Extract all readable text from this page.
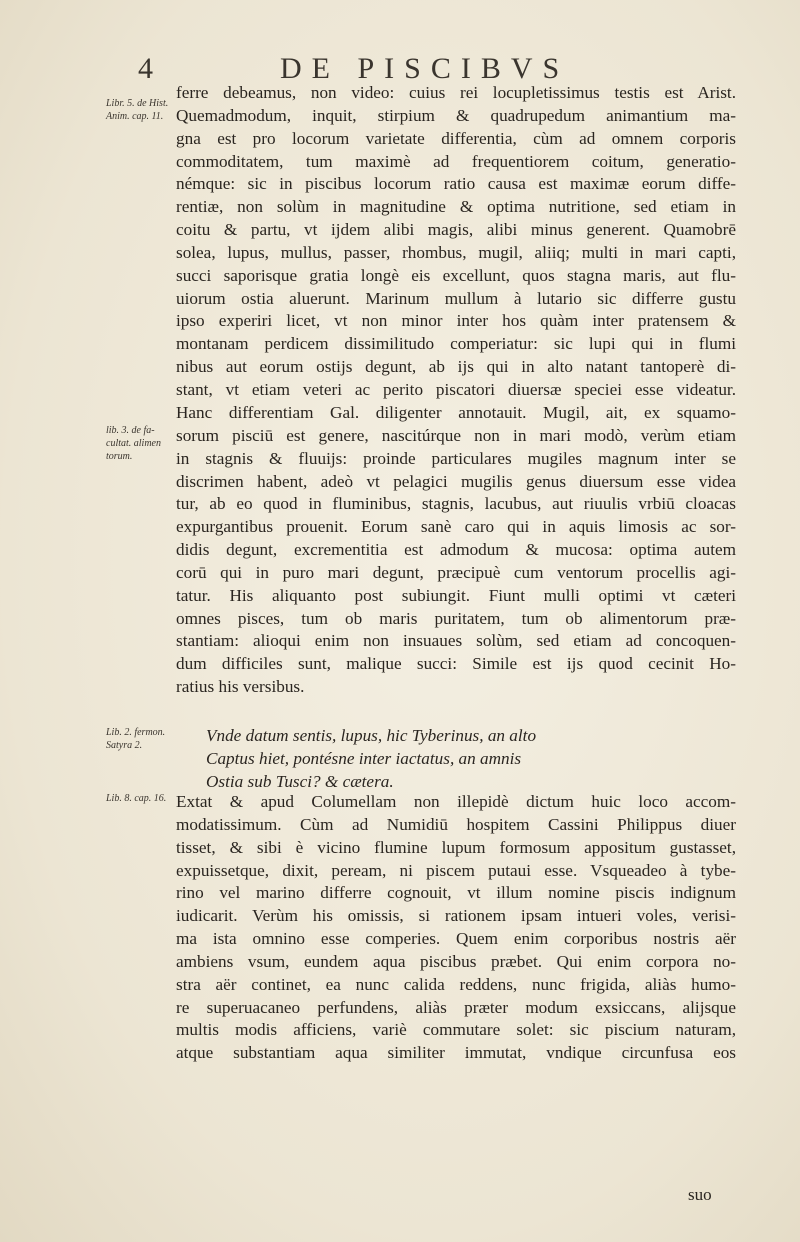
4	DE PISCIBVS
Libr. 5. de Hist. Anim. cap. 11.
lib. 3. de fa- cultat. alimen torum.
Lib. 2. fermon. Satyra 2.
Lib. 8. cap. 16.
ferre debeamus, non video: cuius rei locupletissimus testis est Arist.
Quemadmodum, inquit, stirpium & quadrupedum animantium ma-
gna est pro locorum varietate differentia, cùm ad omnem corporis
commoditatem, tum maximè ad frequentiorem coitum, generatio-
némque: sic in piscibus locorum ratio causa est maximæ eorum diffe-
rentiæ, non solùm in magnitudine & optima nutritione, sed etiam in
coitu & partu, vt ijdem alibi magis, alibi minus generent. Quamobrē
solea, lupus, mullus, passer, rhombus, mugil, aliiq; multi in mari capti,
succi saporisque gratia longè eis excellunt, quos stagna maris, aut flu-
uiorum ostia aluerunt. Marinum mullum à lutario sic differre gustu
ipso experiri licet, vt non minor inter hos quàm inter pratensem &
montanam perdicem dissimilitudo comperiatur: sic lupi qui in flumi
nibus aut eorum ostijs degunt, ab ijs qui in alto natant tantoperè di-
stant, vt etiam veteri ac perito piscatori diuersæ speciei esse videatur.
Hanc differentiam Gal. diligenter annotauit. Mugil, ait, ex squamo-
sorum pisciū est genere, nascitúrque non in mari modò, verùm etiam
in stagnis & fluuijs: proinde particulares mugiles magnum inter se
discrimen habent, adeò vt pelagici mugilis genus diuersum esse videa
tur, ab eo quod in fluminibus, stagnis, lacubus, aut riuulis vrbiū cloacas
expurgantibus prouenit. Eorum sanè caro qui in aquis limosis ac sor-
didis degunt, excrementitia est admodum & mucosa: optima autem
corū qui in puro mari degunt, præcipuè cum ventorum procellis agi-
tatur. His aliquanto post subiungit. Fiunt mulli optimi vt cæteri
omnes pisces, tum ob maris puritatem, tum ob alimentorum præ-
stantiam: alioqui enim non insuaues solùm, sed etiam ad concoquen-
dum difficiles sunt, malique succi: Simile est ijs quod cecinit Ho-
ratius his versibus.
Vnde datum sentis, lupus, hic Tyberinus, an alto
Captus hiet, pontésne inter iactatus, an amnis
Ostia sub Tusci? & cætera.
Extat & apud Columellam non illepidè dictum huic loco accom-
modatissimum. Cùm ad Numidiū hospitem Cassini Philippus diuer
tisset, & sibi è vicino flumine lupum formosum appositum gustasset,
expuissetque, dixit, peream, ni piscem putaui esse. Vsqueadeo à tybe-
rino vel marino differre cognouit, vt illum nomine piscis indignum
iudicarit. Verùm his omissis, si rationem ipsam intueri voles, verisi-
ma ista omnino esse comperies. Quem enim corporibus nostris aër
ambiens vsum, eundem aqua piscibus præbet. Qui enim corpora no-
stra aër continet, ea nunc calida reddens, nunc frigida, aliàs humo-
re superuacaneo perfundens, aliàs præter modum exsiccans, alijsque
multis modis afficiens, variè commutare solet: sic piscium naturam,
atque substantiam aqua similiter immutat, vndique circunfusa eos
suo
